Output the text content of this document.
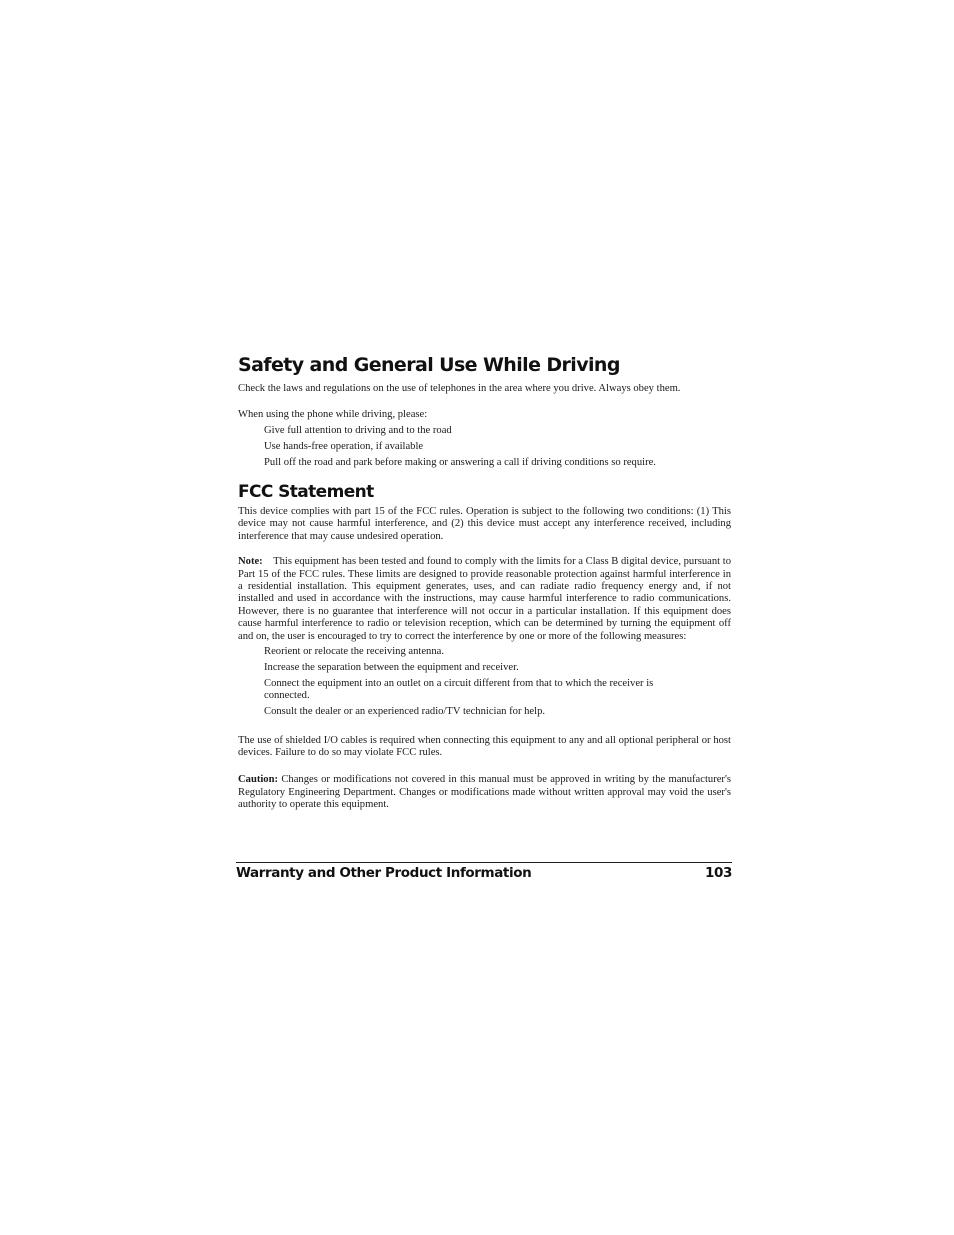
Safety and General Use While Driving

Check the laws and regulations on the use of telephones in the area where you drive. Always obey them.

When using the phone while driving, please:

Give full attention to driving and to the road
Use hands-free operation, if available
Pull off the road and park before making or answering a call if driving conditions so require.
FCC Statement

This device complies with part 15 of the FCC rules. Operation is subject to the following two conditions: (1) This device may not cause harmful interference, and (2) this device must accept any interference received, including interference that may cause undesired operation.

Note: This equipment has been tested and found to comply with the limits for a Class B digital device, pursuant to Part 15 of the FCC rules. These limits are designed to provide reasonable protection against harmful interference in a residential installation. This equipment generates, uses, and can radiate radio frequency energy and, if not installed and used in accordance with the instructions, may cause harmful interference to radio communications. However, there is no guarantee that interference will not occur in a particular installation. If this equipment does cause harmful interference to radio or television reception, which can be determined by turning the equipment off and on, the user is encouraged to try to correct the interference by one or more of the following measures:

Reorient or relocate the receiving antenna.
Increase the separation between the equipment and receiver.
Connect the equipment into an outlet on a circuit different from that to which the receiver is connected.
Consult the dealer or an experienced radio/TV technician for help.

The use of shielded I/O cables is required when connecting this equipment to any and all optional peripheral or host devices. Failure to do so may violate FCC rules.

Caution: Changes or modifications not covered in this manual must be approved in writing by the manufacturer's Regulatory Engineering Department. Changes or modifications made without written approval may void the user's authority to operate this equipment.

Warranty and Other Product Information	103
